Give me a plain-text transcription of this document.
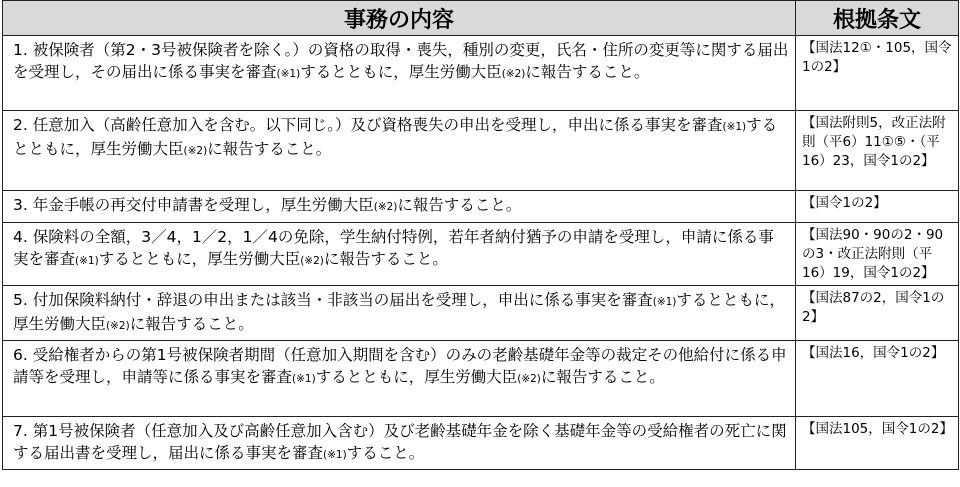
事務の内容	根拠条文
1. 被保険者（第2・3号被保険者を除く。）の資格の取得・喪失，種別の変更，氏名・住所の変更等に関する届出を受理し，その届出に係る事実を審査(※1)するとともに，厚生労働大臣(※2)に報告すること。	【国法12①・105，国令1の2】
2. 任意加入（高齢任意加入を含む。以下同じ。）及び資格喪失の申出を受理し，申出に係る事実を審査(※1)するとともに，厚生労働大臣(※2)に報告すること。	【国法附則5，改正法附則（平6）11①⑤・（平16）23，国令1の2】
3. 年金手帳の再交付申請書を受理し，厚生労働大臣(※2)に報告すること。	【国令1の2】
4. 保険料の全額，3／4，1／2，1／4の免除，学生納付特例，若年者納付猶予の申請を受理し，申請に係る事実を審査(※1)するとともに，厚生労働大臣(※2)に報告すること。	【国法90・90の2・90の3・改正法附則（平16）19，国令1の2】
5. 付加保険料納付・辞退の申出または該当・非該当の届出を受理し，申出に係る事実を審査(※1)するとともに，厚生労働大臣(※2)に報告すること。	【国法87の2，国令1の2】
6. 受給権者からの第1号被保険者期間（任意加入期間を含む）のみの老齢基礎年金等の裁定その他給付に係る申請等を受理し，申請等に係る事実を審査(※1)するとともに，厚生労働大臣(※2)に報告すること。	【国法16，国令1の2】
7. 第1号被保険者（任意加入及び高齢任意加入含む）及び老齢基礎年金を除く基礎年金等の受給権者の死亡に関する届出書を受理し，届出に係る事実を審査(※1)すること。	【国法105，国令1の2】
